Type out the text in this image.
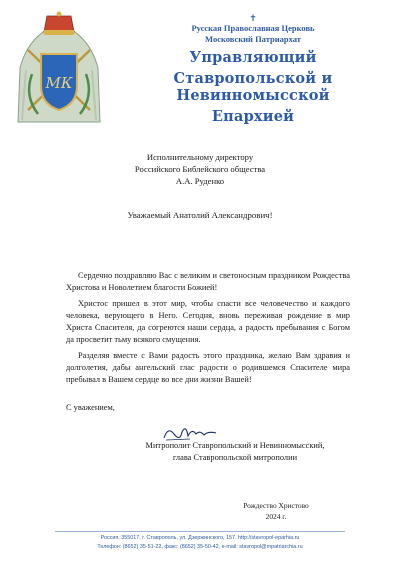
МК
✝
Русская Православная Церковь
Московский Патриархат
Управляющий
Ставропольской и Невинномысской
Епархией
Исполнительному директору
Российского Библейского общества
А.А. Руденко
Уважаемый Анатолий Александрович!

Сердечно поздравляю Вас с великим и светоносным праздником Рождества Христова и Новолетием благости Божией!

Христос пришел в этот мир, чтобы спасти все человечество и каждого человека, верующего в Него. Сегодня, вновь переживая рождение в мир Христа Спасителя, да согреются наши сердца, а радость пребывания с Богом да просветит тьму всякого смущения.

Разделяя вместе с Вами радость этого праздника, желаю Вам здравия и долголетия, дабы ангельский глас радости о родившемся Спасителе мира пребывал в Вашем сердце во все дни жизни Вашей!

С уважением,
Митрополит Ставропольский и Невинномысский,
глава Ставропольской митрополии
Рождество Христово
2024 г.
Россия, 355017, г. Ставрополь, ул. Дзержинского, 157. http://stavropol-eparhia.ru
Телефон: (8652) 35-51-22, факс: (8652) 35-50-42, e-mail: stavropol@mpatriarchia.ru
